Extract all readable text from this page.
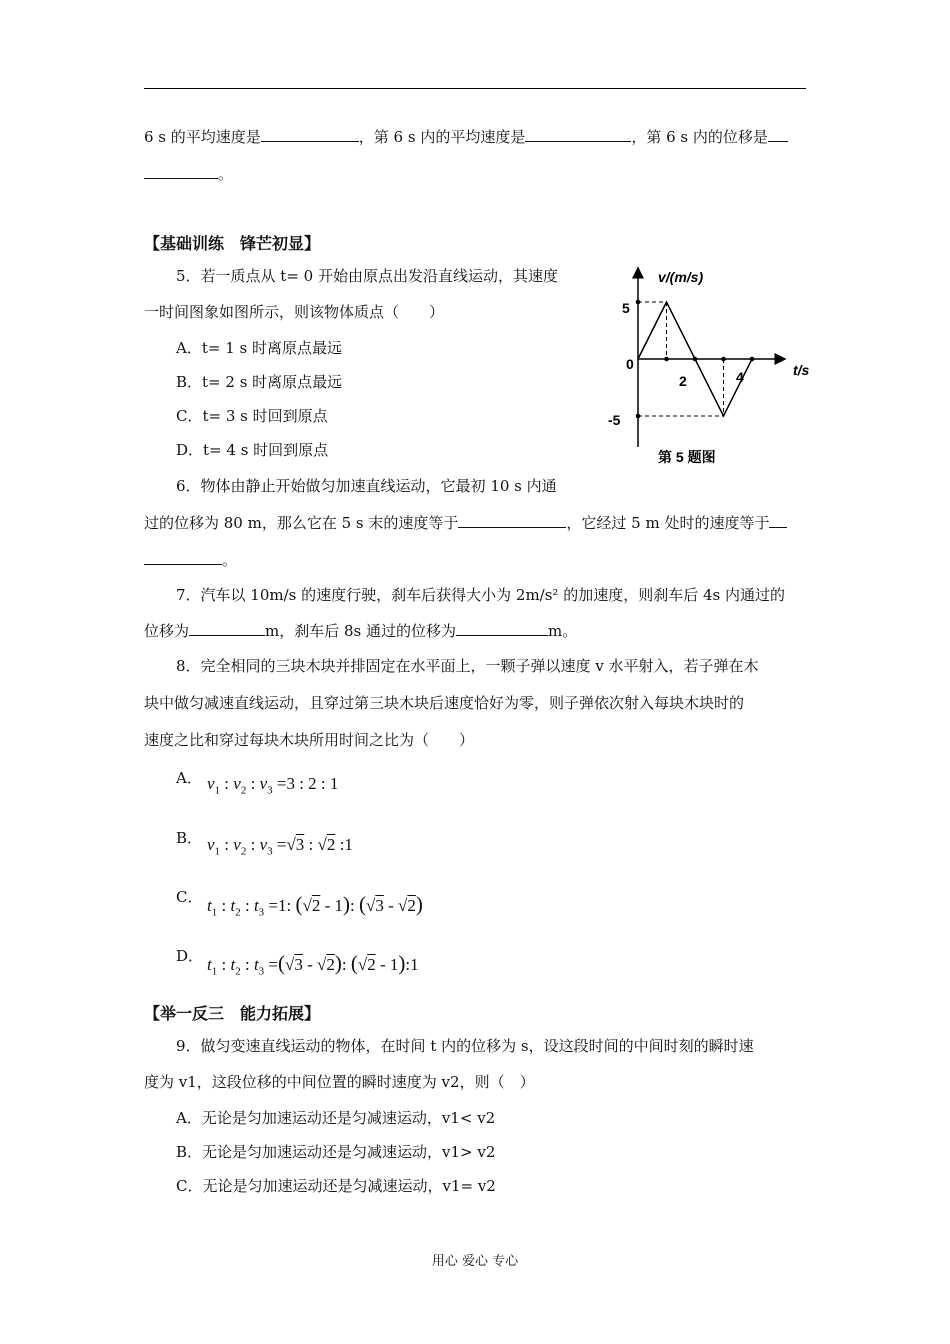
6 s 的平均速度是	，第 6 s 内的平均速度是	，第 6 s 内的位移是
。
【基础训练　锋芒初显】
5．若一质点从 t= 0 开始由原点出发沿直线运动，其速度
一时间图象如图所示，则该物体质点（　　）
A．t= 1 s 时离原点最远
B．t= 2 s 时离原点最远
C．t= 3 s 时回到原点
D．t= 4 s 时回到原点
v/(m/s)
5
0
-5
2	4	t/s
第 5 题图
6．物体由静止开始做匀加速直线运动，它最初 10 s 内通
过的位移为 80 m，那么它在 5 s 末的速度等于	，它经过 5 m 处时的速度等于
。
7．汽车以 10m/s 的速度行驶，刹车后获得大小为 2m/s² 的加速度，则刹车后 4s 内通过的
位移为	m，刹车后 8s 通过的位移为	m。
8．完全相同的三块木块并排固定在水平面上，一颗子弹以速度 v 水平射入，若子弹在木
块中做匀减速直线运动，且穿过第三块木块后速度恰好为零，则子弹依次射入每块木块时的
速度之比和穿过每块木块所用时间之比为（　　）
A． $v_1$ : $v_2$ : $v_3 =3$ : 2 : 1
B． $v_1$ : $v_2$ : $v_3 =√3$ : √2 :1
C． $t_1$ : $t_2$ : $t_3 =1$: (√2 - 1): (√3 - √2)
D． $t_1$ : $t_2$ : $t_3 =(√3 - √2)$: (√2 - 1):1
【举一反三　能力拓展】
9．做匀变速直线运动的物体，在时间 t 内的位移为 s，设这段时间的中间时刻的瞬时速
度为 v1，这段位移的中间位置的瞬时速度为 v2，则（　）
A．无论是匀加速运动还是匀减速运动，v1< v2
B．无论是匀加速运动还是匀减速运动，v1> v2
C．无论是匀加速运动还是匀减速运动，v1= v2
用心 爱心 专心
